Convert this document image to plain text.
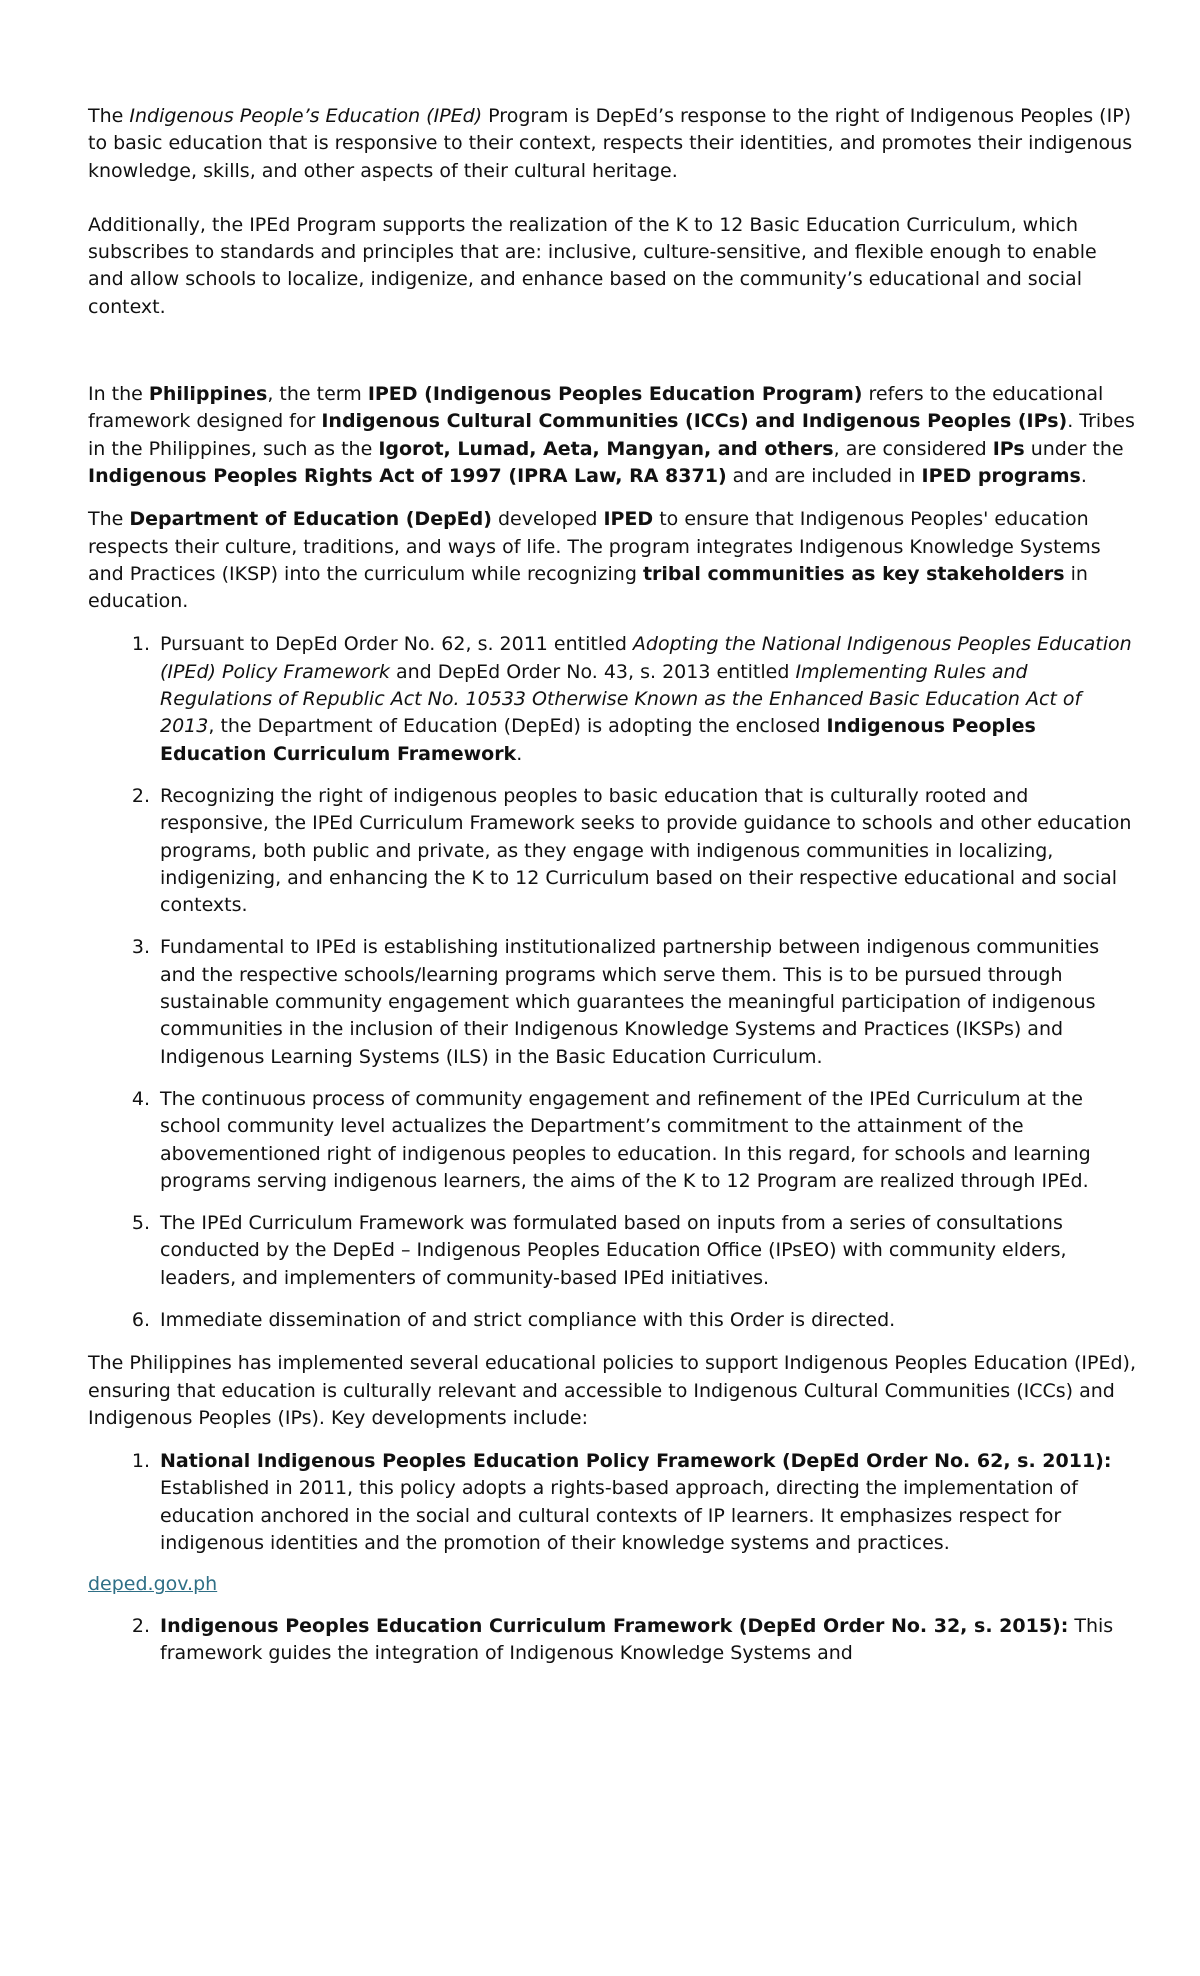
The Indigenous People’s Education (IPEd) Program is DepEd’s response to the right of Indigenous Peoples (IP) to basic education that is responsive to their context, respects their identities, and promotes their indigenous knowledge, skills, and other aspects of their cultural heritage.

Additionally, the IPEd Program supports the realization of the K to 12 Basic Education Curriculum, which subscribes to standards and principles that are: inclusive, culture-sensitive, and flexible enough to enable and allow schools to localize, indigenize, and enhance based on the community’s educational and social context.

In the Philippines, the term IPED (Indigenous Peoples Education Program) refers to the educational framework designed for Indigenous Cultural Communities (ICCs) and Indigenous Peoples (IPs). Tribes in the Philippines, such as the Igorot, Lumad, Aeta, Mangyan, and others, are considered IPs under the Indigenous Peoples Rights Act of 1997 (IPRA Law, RA 8371) and are included in IPED programs.

The Department of Education (DepEd) developed IPED to ensure that Indigenous Peoples' education respects their culture, traditions, and ways of life. The program integrates Indigenous Knowledge Systems and Practices (IKSP) into the curriculum while recognizing tribal communities as key stakeholders in education.

1. Pursuant to DepEd Order No. 62, s. 2011 entitled Adopting the National Indigenous Peoples Education (IPEd) Policy Framework and DepEd Order No. 43, s. 2013 entitled Implementing Rules and Regulations of Republic Act No. 10533 Otherwise Known as the Enhanced Basic Education Act of 2013, the Department of Education (DepEd) is adopting the enclosed Indigenous Peoples Education Curriculum Framework.
2. Recognizing the right of indigenous peoples to basic education that is culturally rooted and responsive, the IPEd Curriculum Framework seeks to provide guidance to schools and other education programs, both public and private, as they engage with indigenous communities in localizing, indigenizing, and enhancing the K to 12 Curriculum based on their respective educational and social contexts.
3. Fundamental to IPEd is establishing institutionalized partnership between indigenous communities and the respective schools/learning programs which serve them. This is to be pursued through sustainable community engagement which guarantees the meaningful participation of indigenous communities in the inclusion of their Indigenous Knowledge Systems and Practices (IKSPs) and Indigenous Learning Systems (ILS) in the Basic Education Curriculum.
4. The continuous process of community engagement and refinement of the IPEd Curriculum at the school community level actualizes the Department’s commitment to the attainment of the abovementioned right of indigenous peoples to education. In this regard, for schools and learning programs serving indigenous learners, the aims of the K to 12 Program are realized through IPEd.
5. The IPEd Curriculum Framework was formulated based on inputs from a series of consultations conducted by the DepEd – Indigenous Peoples Education Office (IPsEO) with community elders, leaders, and implementers of community-based IPEd initiatives.
6. Immediate dissemination of and strict compliance with this Order is directed.

The Philippines has implemented several educational policies to support Indigenous Peoples Education (IPEd), ensuring that education is culturally relevant and accessible to Indigenous Cultural Communities (ICCs) and Indigenous Peoples (IPs). Key developments include:

1. National Indigenous Peoples Education Policy Framework (DepEd Order No. 62, s. 2011): Established in 2011, this policy adopts a rights-based approach, directing the implementation of education anchored in the social and cultural contexts of IP learners. It emphasizes respect for indigenous identities and the promotion of their knowledge systems and practices.

deped.gov.ph

2. Indigenous Peoples Education Curriculum Framework (DepEd Order No. 32, s. 2015): This framework guides the integration of Indigenous Knowledge Systems and
